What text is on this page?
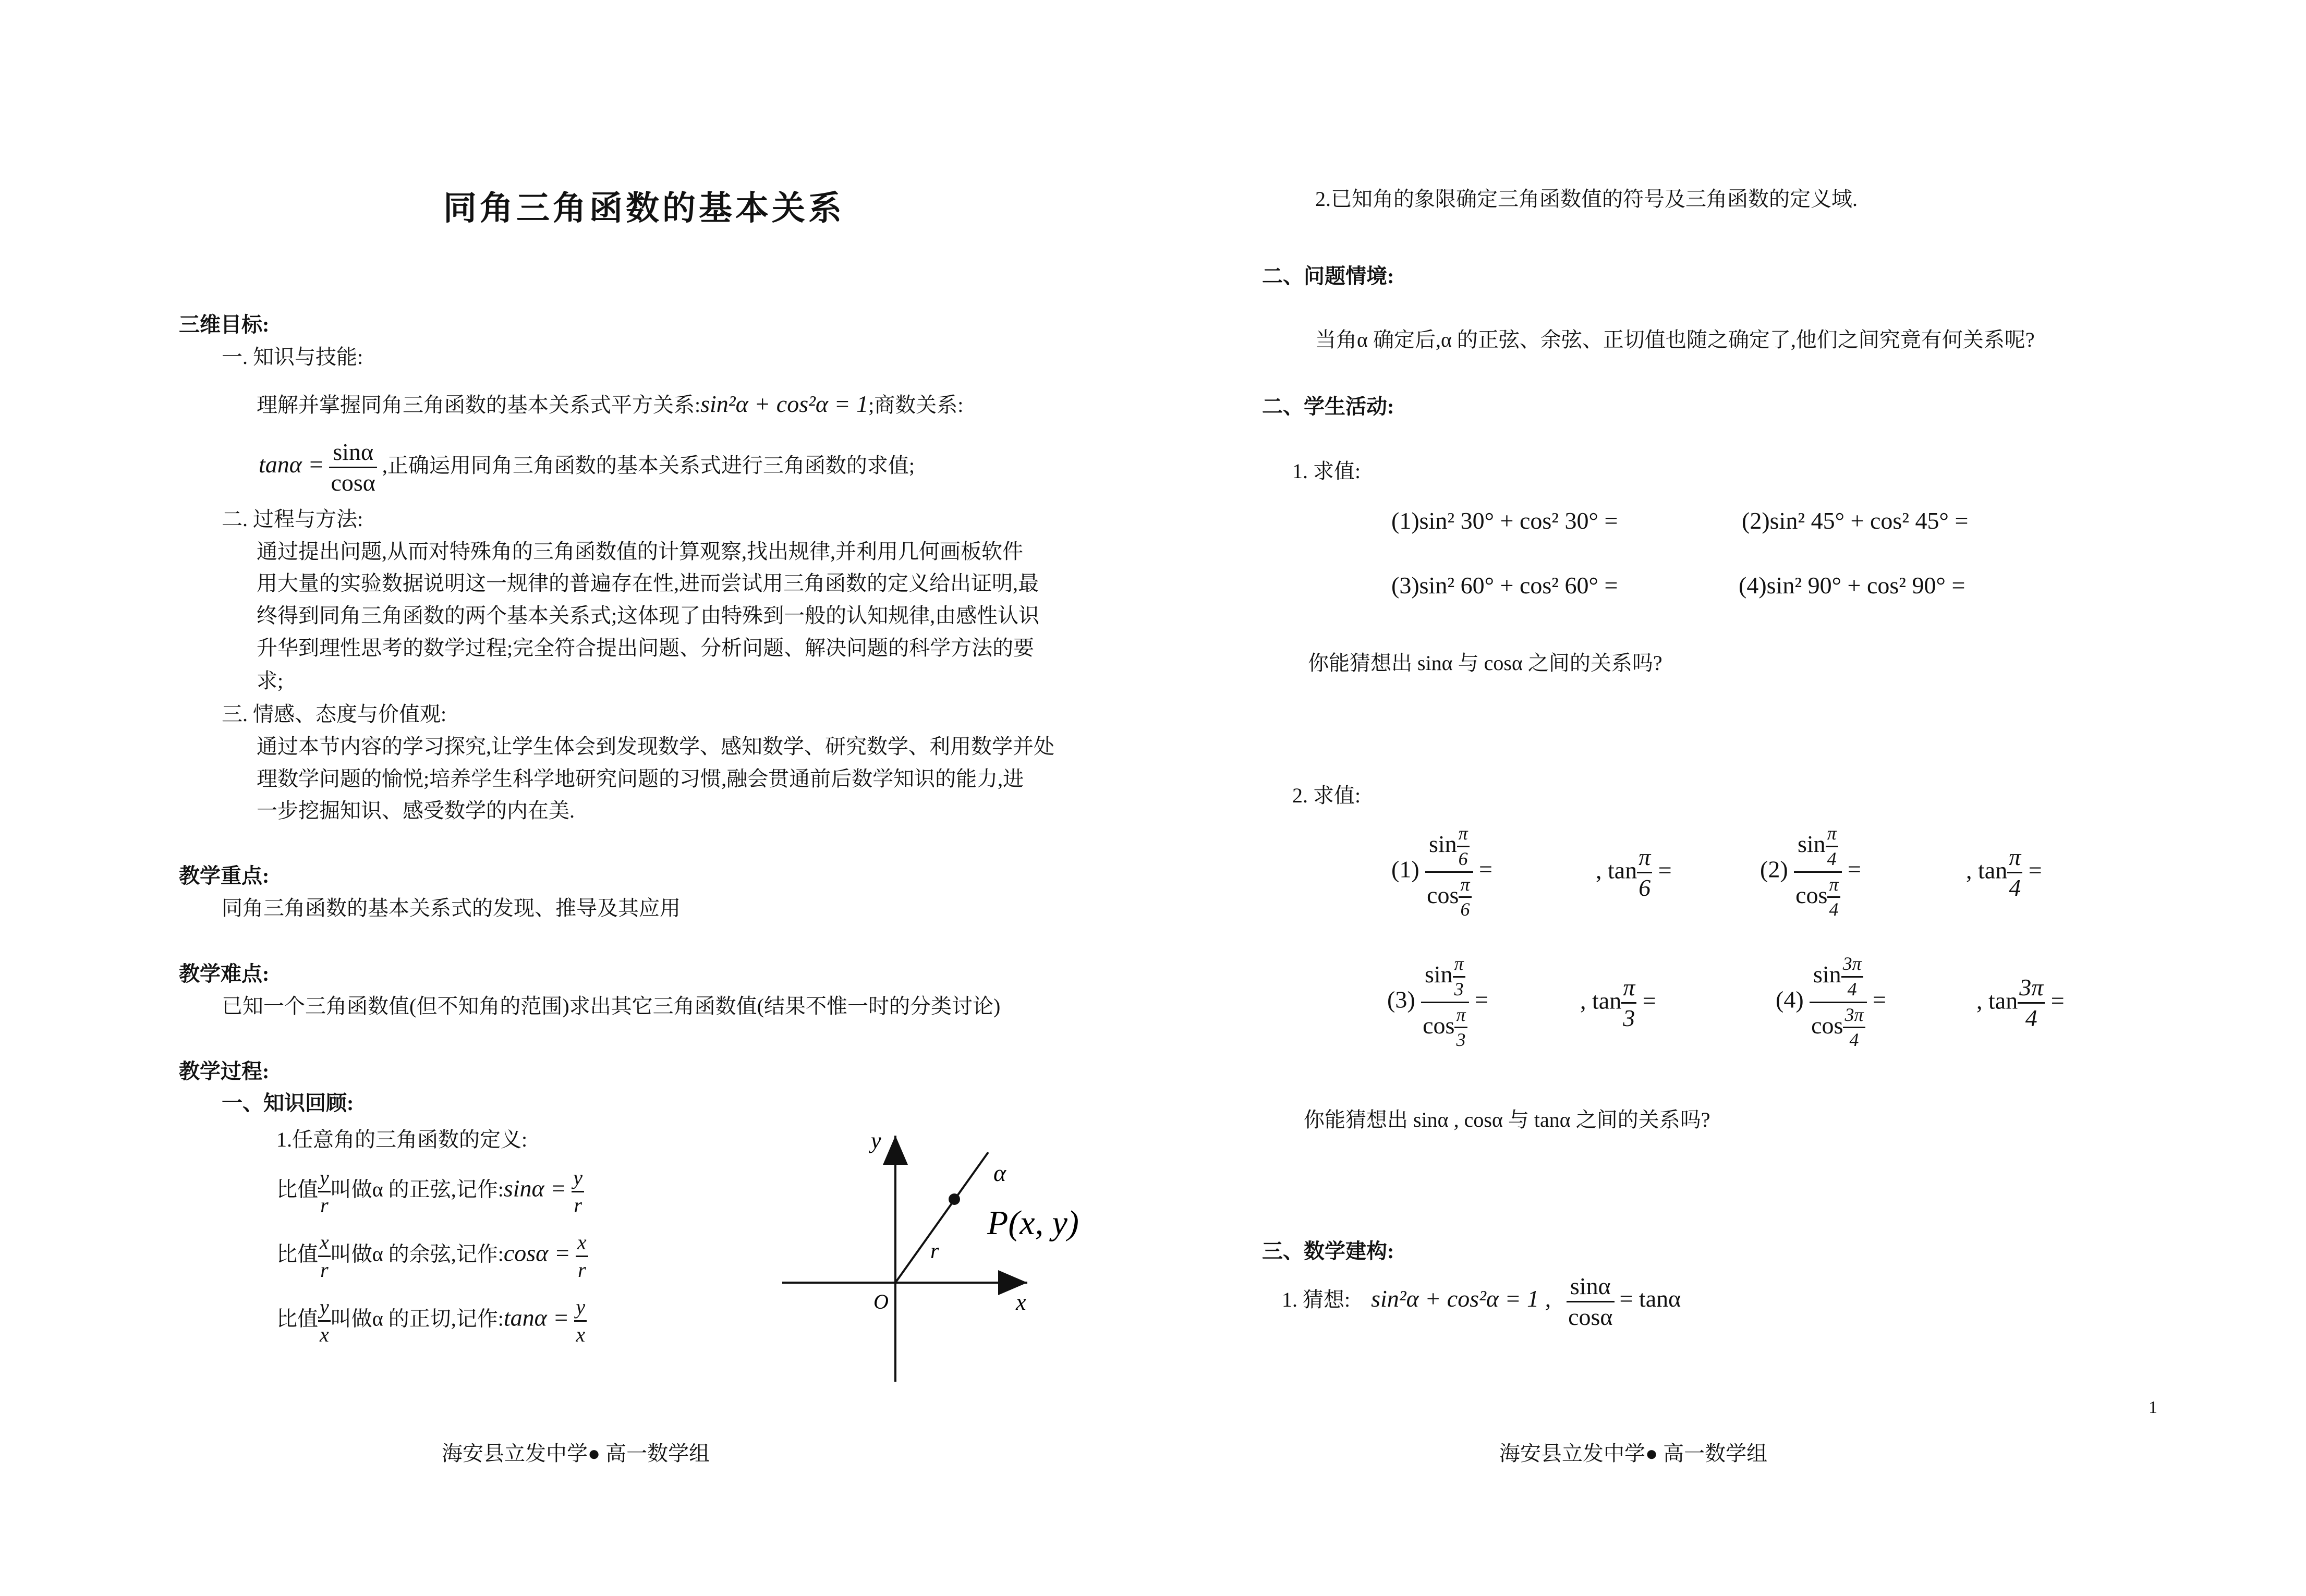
同角三角函数的基本关系
三维目标:
一. 知识与技能:
理解并掌握同角三角函数的基本关系式平方关系:sin²α + cos²α = 1;商数关系:
$\tan\alpha = \frac{\sin\alpha}{\cos\alpha}$ ,正确运用同角三角函数的基本关系式进行三角函数的求值;
二. 过程与方法:
通过提出问题,从而对特殊角的三角函数值的计算观察,找出规律,并利用几何画板软件
用大量的实验数据说明这一规律的普遍存在性,进而尝试用三角函数的定义给出证明,最
终得到同角三角函数的两个基本关系式;这体现了由特殊到一般的认知规律,由感性认识
升华到理性思考的数学过程;完全符合提出问题、分析问题、解决问题的科学方法的要
求;
三. 情感、态度与价值观:
通过本节内容的学习探究,让学生体会到发现数学、感知数学、研究数学、利用数学并处
理数学问题的愉悦;培养学生科学地研究问题的习惯,融会贯通前后数学知识的能力,进
一步挖掘知识、感受数学的内在美.
教学重点:
同角三角函数的基本关系式的发现、推导及其应用
教学难点:
已知一个三角函数值(但不知角的范围)求出其它三角函数值(结果不惟一时的分类讨论)
教学过程:
一、知识回顾:
1.任意角的三角函数的定义:
比值 $\frac{y}{r}$ 叫做α 的正弦,记作:sinα = $\frac{y}{r}$
比值 $\frac{x}{r}$ 叫做α 的余弦,记作:cosα = $\frac{x}{r}$
比值 $\frac{y}{x}$ 叫做α 的正切,记作:tanα = $\frac{y}{x}$
y
x
O
α
r
P(x, y)
海安县立发中学● 高一数学组
2.已知角的象限确定三角函数值的符号及三角函数的定义域.
二、问题情境:
当角α 确定后,α 的正弦、余弦、正切值也随之确定了,他们之间究竟有何关系呢?
二、学生活动:
1. 求值:
(1)sin² 30° + cos² 30° =	(2)sin² 45° + cos² 45° =
(3)sin² 60° + cos² 60° =	(4)sin² 90° + cos² 90° =
你能猜想出 sinα 与 cosα 之间的关系吗?
2. 求值:
$(1) \frac{\sin \frac{\pi}{6}}{\cos \frac{\pi}{6}}$ =	, $\tan \frac{\pi}{6}$ =	$(2) \frac{\sin \frac{\pi}{4}}{\cos \frac{\pi}{4}}$ =	, $\tan \frac{\pi}{4}$ =
$(3) \frac{\sin \frac{\pi}{3}}{\cos \frac{\pi}{3}}$ =	, $\tan \frac{\pi}{3}$ =	$(4) \frac{\sin \frac{3\pi}{4}}{\cos \frac{3\pi}{4}}$ =	, $\tan \frac{3\pi}{4}$ =
你能猜想出 sinα , cosα 与 tanα 之间的关系吗?
三、数学建构:
1. 猜想: sin²α + cos²α = 1 , $\frac{\sin\alpha}{\cos\alpha} = \tan\alpha$
1
海安县立发中学● 高一数学组
